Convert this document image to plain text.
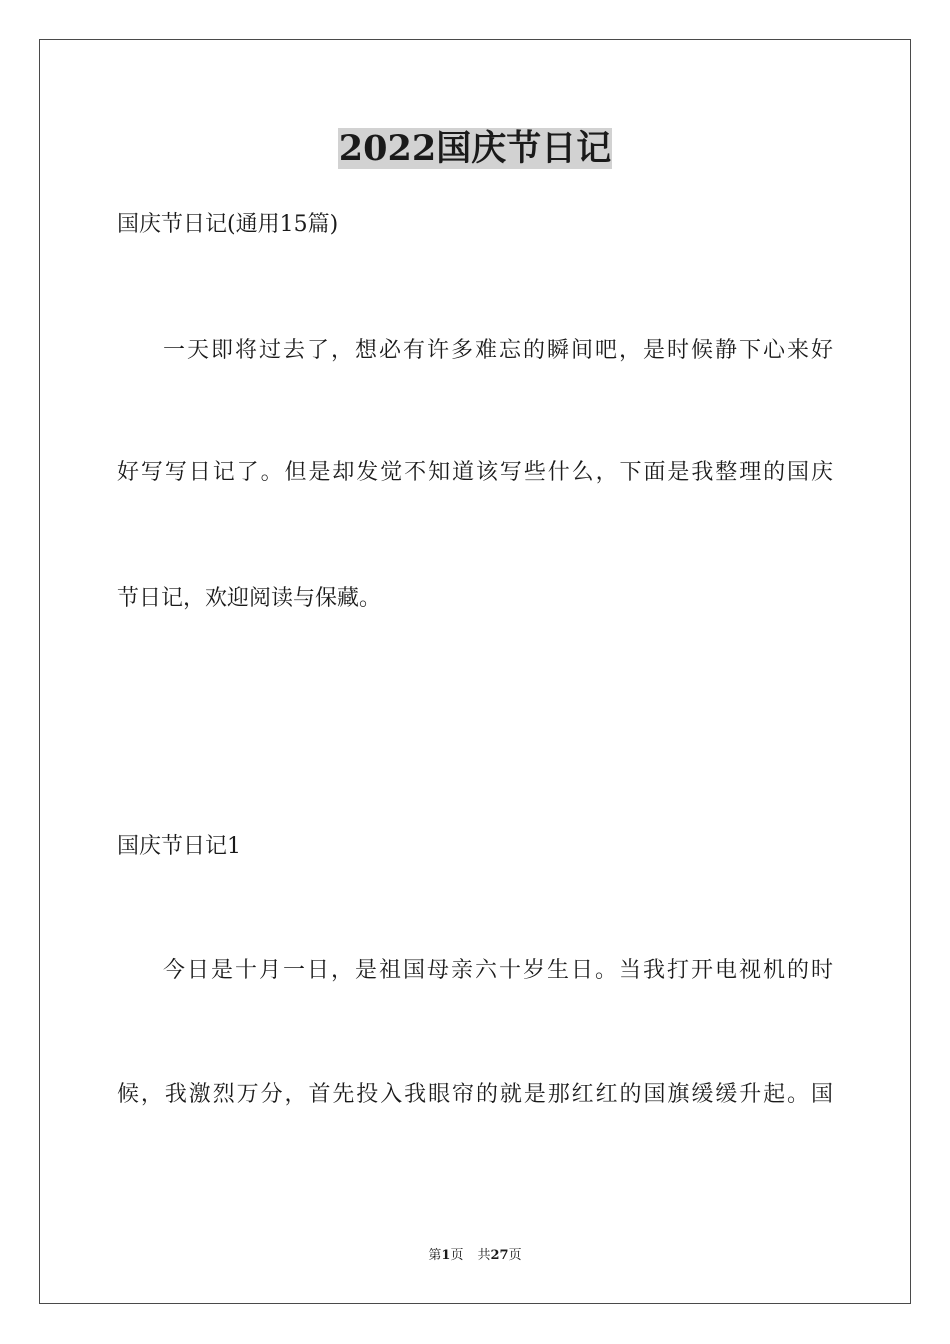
2022国庆节日记

国庆节日记(通用15篇)

一天即将过去了，想必有许多难忘的瞬间吧，是时候静下心来好

好写写日记了。但是却发觉不知道该写些什么，下面是我整理的国庆

节日记，欢迎阅读与保藏。

国庆节日记1

今日是十月一日，是祖国母亲六十岁生日。当我打开电视机的时

候，我激烈万分，首先投入我眼帘的就是那红红的国旗缓缓升起。国

第1页 共27页
